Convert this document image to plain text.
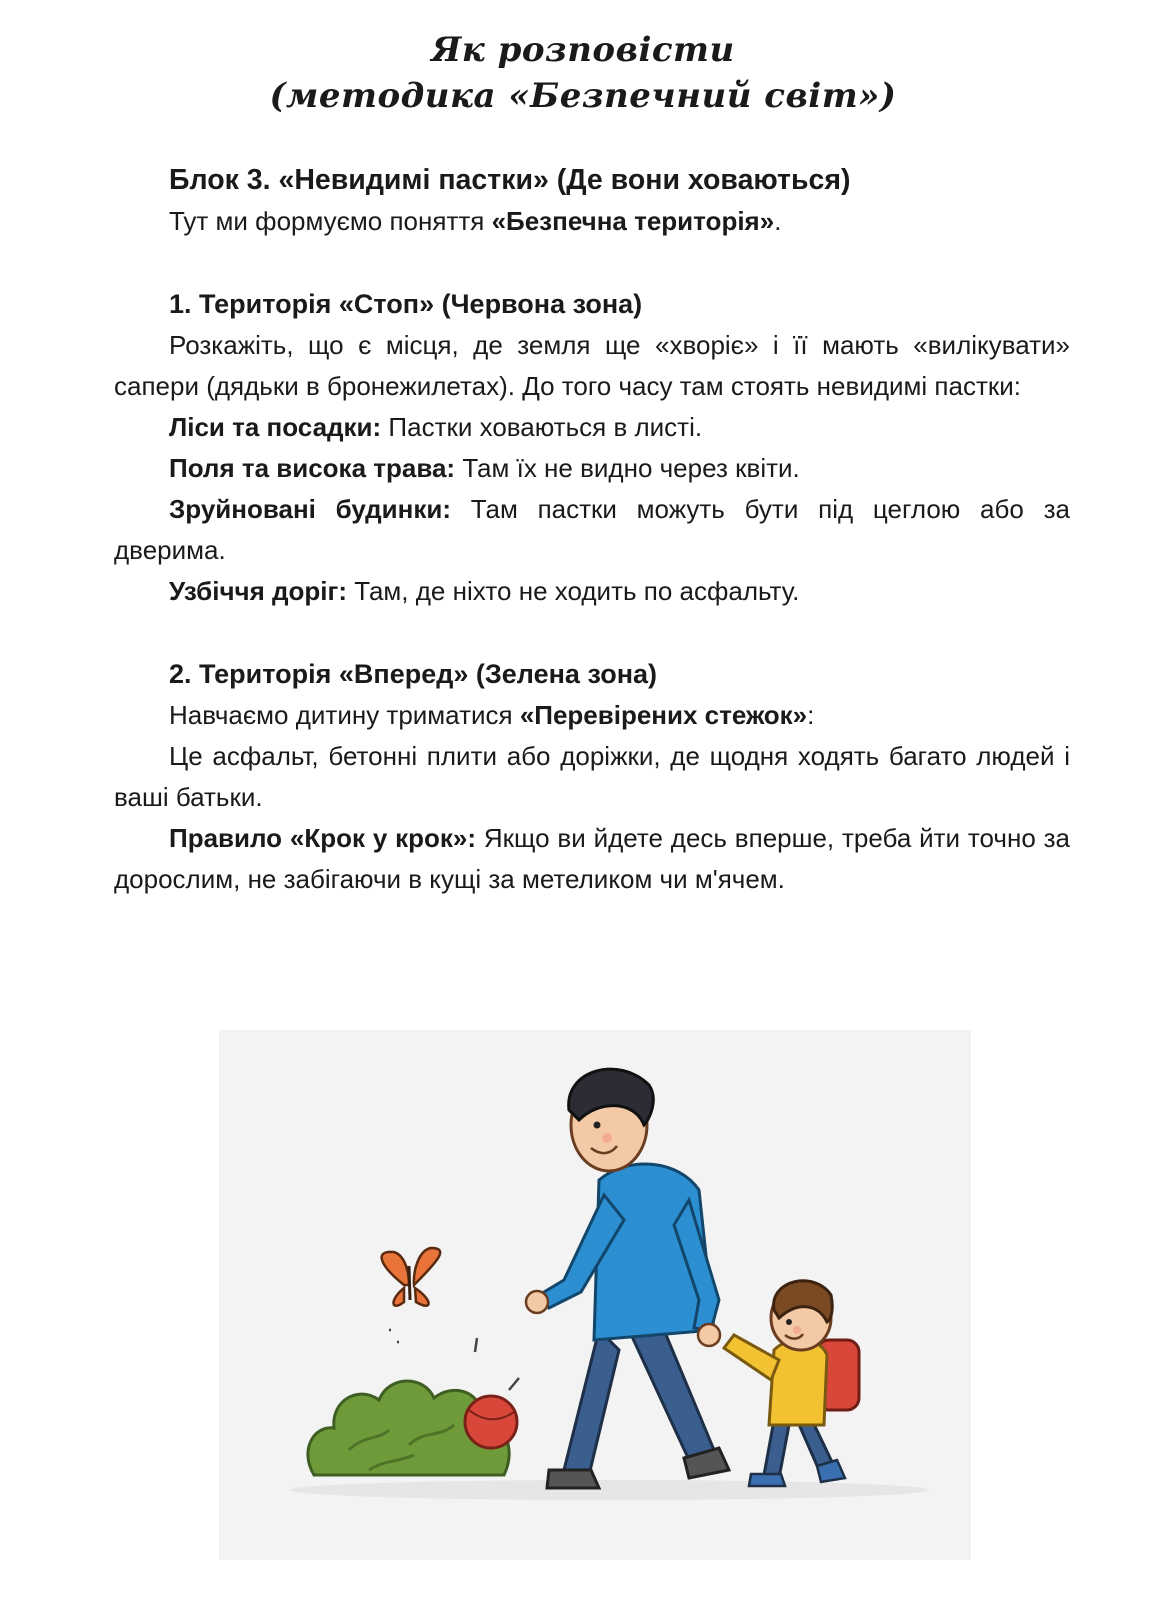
Як розповісти
(методика «Безпечний світ»)

Блок 3. «Невидимі пастки» (Де вони ховаються)

Тут ми формуємо поняття «Безпечна територія».

1. Територія «Стоп» (Червона зона)

Розкажіть, що є місця, де земля ще «хворіє» і її мають «вилікувати» сапери (дядьки в бронежилетах). До того часу там стоять невидимі пастки:

Ліси та посадки: Пастки ховаються в листі.

Поля та висока трава: Там їх не видно через квіти.

Зруйновані будинки: Там пастки можуть бути під цеглою або за дверима.

Узбіччя доріг: Там, де ніхто не ходить по асфальту.

2. Територія «Вперед» (Зелена зона)

Навчаємо дитину триматися «Перевірених стежок»:

Це асфальт, бетонні плити або доріжки, де щодня ходять багато людей і ваші батьки.

Правило «Крок у крок»: Якщо ви йдете десь вперше, треба йти точно за дорослим, не забігаючи в кущі за метеликом чи м'ячем.
